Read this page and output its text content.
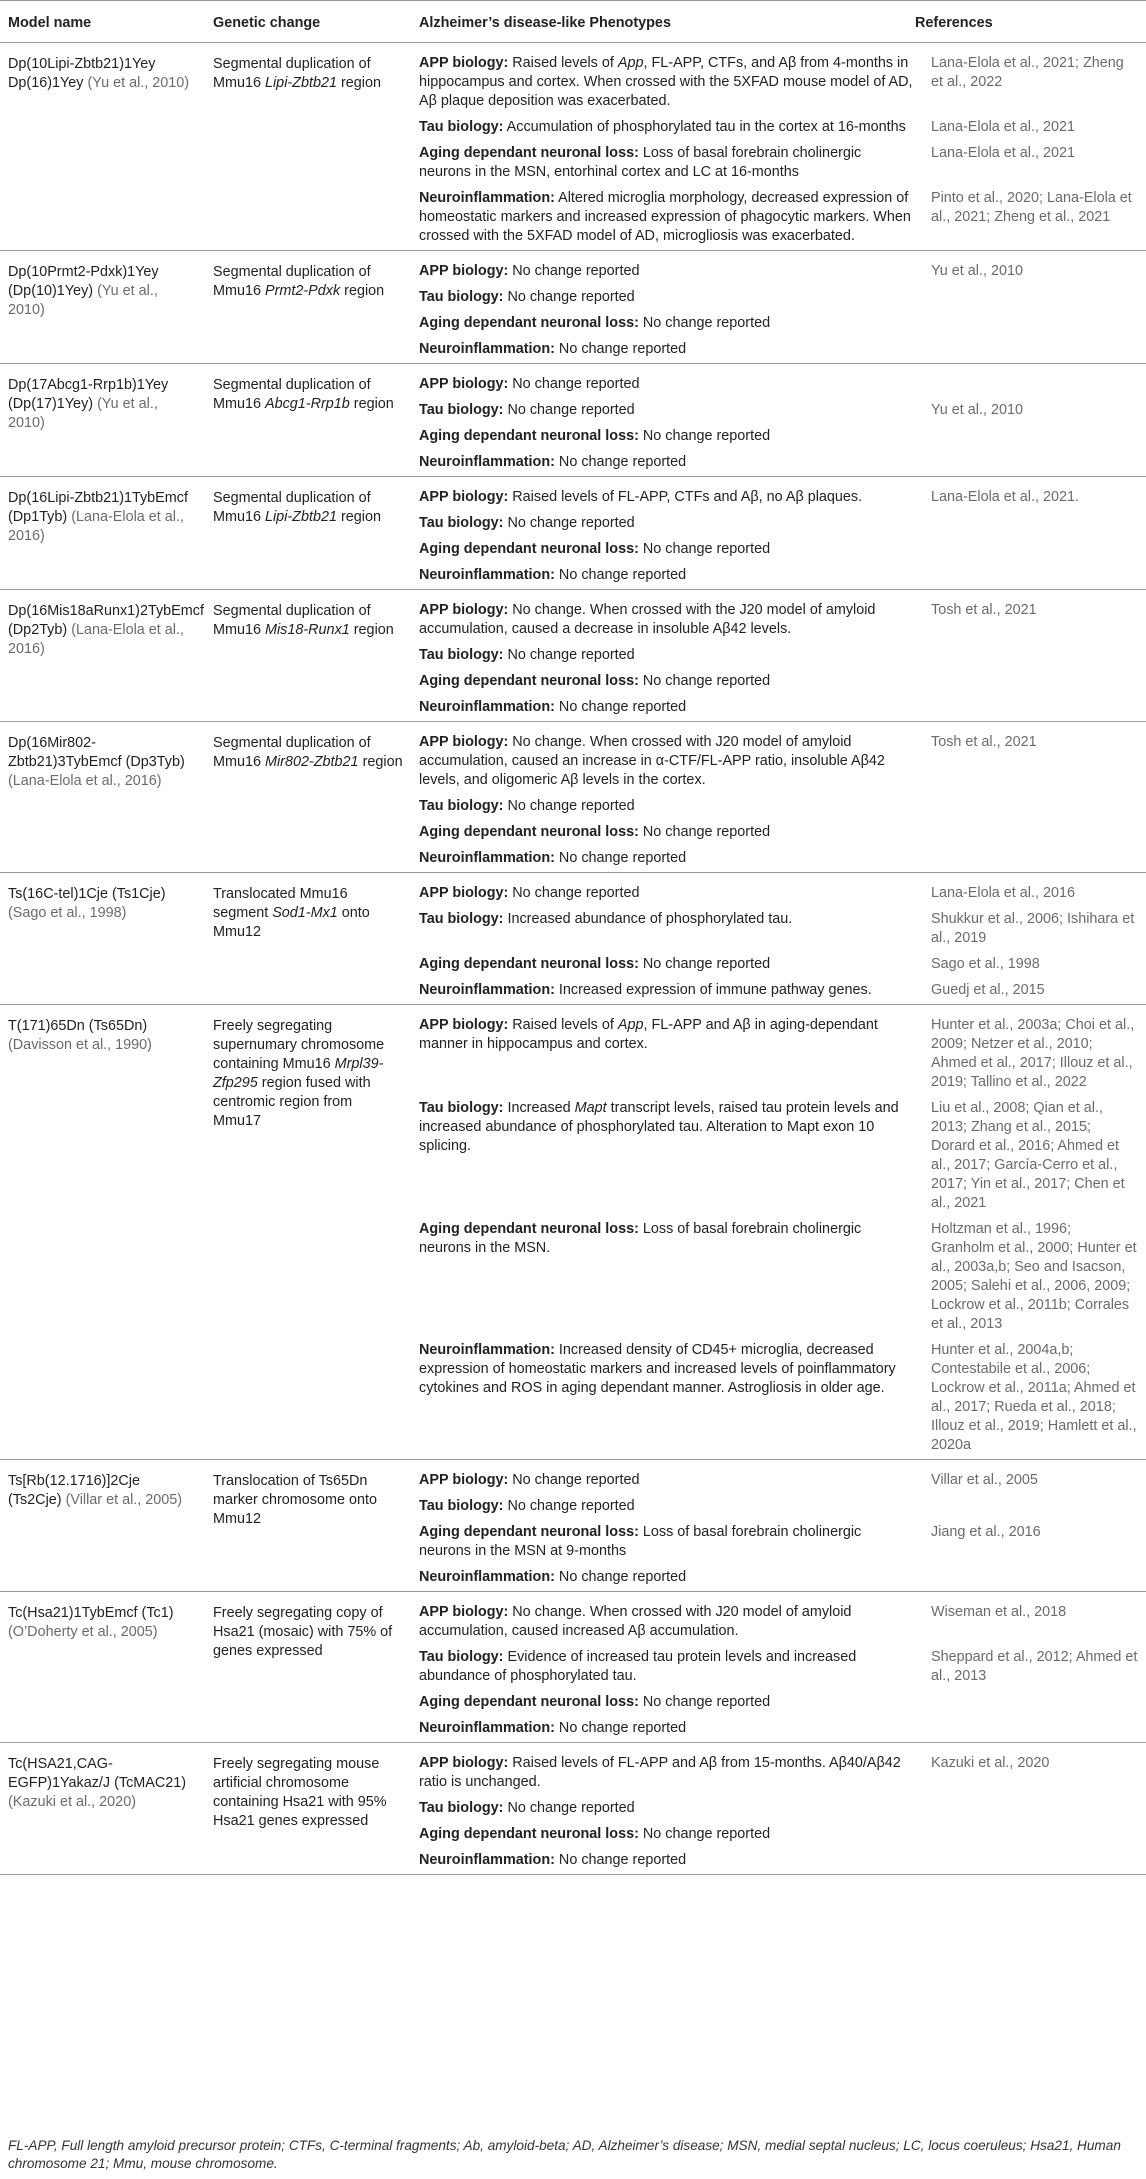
Model name	Genetic change	Alzheimer’s disease-like Phenotypes	References
Dp(10Lipi-Zbtb21)1Yey Dp(16)1Yey (Yu et al., 2010)	Segmental duplication of Mmu16 Lipi-Zbtb21 region	
APP biology: Raised levels of App, FL-APP, CTFs, and Aβ from 4-months in hippocampus and cortex. When crossed with the 5XFAD mouse model of AD, Aβ plaque deposition was exacerbated.	Lana-Elola et al., 2021; Zheng et al., 2022
Tau biology: Accumulation of phosphorylated tau in the cortex at 16-months	Lana-Elola et al., 2021
Aging dependant neuronal loss: Loss of basal forebrain cholinergic neurons in the MSN, entorhinal cortex and LC at 16-months	Lana-Elola et al., 2021
Neuroinflammation: Altered microglia morphology, decreased expression of homeostatic markers and increased expression of phagocytic markers. When crossed with the 5XFAD model of AD, microgliosis was exacerbated.	Pinto et al., 2020; Lana-Elola et al., 2021; Zheng et al., 2021

Dp(10Prmt2-Pdxk)1Yey (Dp(10)1Yey) (Yu et al., 2010)	Segmental duplication of Mmu16 Prmt2-Pdxk region	
APP biology: No change reported	Yu et al., 2010
Tau biology: No change reported	
Aging dependant neuronal loss: No change reported	
Neuroinflammation: No change reported	

Dp(17Abcg1-Rrp1b)1Yey (Dp(17)1Yey) (Yu et al., 2010)	Segmental duplication of Mmu16 Abcg1-Rrp1b region	
APP biology: No change reported	
Tau biology: No change reported	Yu et al., 2010
Aging dependant neuronal loss: No change reported	
Neuroinflammation: No change reported	

Dp(16Lipi-Zbtb21)1TybEmcf (Dp1Tyb) (Lana-Elola et al., 2016)	Segmental duplication of Mmu16 Lipi-Zbtb21 region	
APP biology: Raised levels of FL-APP, CTFs and Aβ, no Aβ plaques.	Lana-Elola et al., 2021.
Tau biology: No change reported	
Aging dependant neuronal loss: No change reported	
Neuroinflammation: No change reported	

Dp(16Mis18aRunx1)2TybEmcf (Dp2Tyb) (Lana-Elola et al., 2016)	Segmental duplication of Mmu16 Mis18-Runx1 region	
APP biology: No change. When crossed with the J20 model of amyloid accumulation, caused a decrease in insoluble Aβ42 levels.	Tosh et al., 2021
Tau biology: No change reported	
Aging dependant neuronal loss: No change reported	
Neuroinflammation: No change reported	

Dp(16Mir802-Zbtb21)3TybEmcf (Dp3Tyb) (Lana-Elola et al., 2016)	Segmental duplication of Mmu16 Mir802-Zbtb21 region	
APP biology: No change. When crossed with J20 model of amyloid accumulation, caused an increase in α-CTF/FL-APP ratio, insoluble Aβ42 levels, and oligomeric Aβ levels in the cortex.	Tosh et al., 2021
Tau biology: No change reported	
Aging dependant neuronal loss: No change reported	
Neuroinflammation: No change reported	

Ts(16C-tel)1Cje (Ts1Cje) (Sago et al., 1998)	Translocated Mmu16 segment Sod1-Mx1 onto Mmu12	
APP biology: No change reported	Lana-Elola et al., 2016
Tau biology: Increased abundance of phosphorylated tau.	Shukkur et al., 2006; Ishihara et al., 2019
Aging dependant neuronal loss: No change reported	Sago et al., 1998
Neuroinflammation: Increased expression of immune pathway genes.	Guedj et al., 2015

T(171)65Dn (Ts65Dn) (Davisson et al., 1990)	Freely segregating supernumary chromosome containing Mmu16 Mrpl39-Zfp295 region fused with centromic region from Mmu17	
APP biology: Raised levels of App, FL-APP and Aβ in aging-dependant manner in hippocampus and cortex.	Hunter et al., 2003a; Choi et al., 2009; Netzer et al., 2010; Ahmed et al., 2017; Illouz et al., 2019; Tallino et al., 2022
Tau biology: Increased Mapt transcript levels, raised tau protein levels and increased abundance of phosphorylated tau. Alteration to Mapt exon 10 splicing.	Liu et al., 2008; Qian et al., 2013; Zhang et al., 2015; Dorard et al., 2016; Ahmed et al., 2017; García-Cerro et al., 2017; Yin et al., 2017; Chen et al., 2021
Aging dependant neuronal loss: Loss of basal forebrain cholinergic neurons in the MSN.	Holtzman et al., 1996; Granholm et al., 2000; Hunter et al., 2003a,b; Seo and Isacson, 2005; Salehi et al., 2006, 2009; Lockrow et al., 2011b; Corrales et al., 2013
Neuroinflammation: Increased density of CD45+ microglia, decreased expression of homeostatic markers and increased levels of poinflammatory cytokines and ROS in aging dependant manner. Astrogliosis in older age.	Hunter et al., 2004a,b; Contestabile et al., 2006; Lockrow et al., 2011a; Ahmed et al., 2017; Rueda et al., 2018; Illouz et al., 2019; Hamlett et al., 2020a

Ts[Rb(12.1716)]2Cje (Ts2Cje) (Villar et al., 2005)	Translocation of Ts65Dn marker chromosome onto Mmu12	
APP biology: No change reported	Villar et al., 2005
Tau biology: No change reported	
Aging dependant neuronal loss: Loss of basal forebrain cholinergic neurons in the MSN at 9-months	Jiang et al., 2016
Neuroinflammation: No change reported	

Tc(Hsa21)1TybEmcf (Tc1) (O’Doherty et al., 2005)	Freely segregating copy of Hsa21 (mosaic) with 75% of genes expressed	
APP biology: No change. When crossed with J20 model of amyloid accumulation, caused increased Aβ accumulation.	Wiseman et al., 2018
Tau biology: Evidence of increased tau protein levels and increased abundance of phosphorylated tau.	Sheppard et al., 2012; Ahmed et al., 2013
Aging dependant neuronal loss: No change reported	
Neuroinflammation: No change reported	

Tc(HSA21,CAG-EGFP)1Yakaz/J (TcMAC21) (Kazuki et al., 2020)	Freely segregating mouse artificial chromosome containing Hsa21 with 95% Hsa21 genes expressed	
APP biology: Raised levels of FL-APP and Aβ from 15-months. Aβ40/Aβ42 ratio is unchanged.	Kazuki et al., 2020
Tau biology: No change reported	
Aging dependant neuronal loss: No change reported	
Neuroinflammation: No change reported	
FL-APP, Full length amyloid precursor protein; CTFs, C-terminal fragments; Ab, amyloid-beta; AD, Alzheimer’s disease; MSN, medial septal nucleus; LC, locus coeruleus; Hsa21, Human chromosome 21; Mmu, mouse chromosome.
